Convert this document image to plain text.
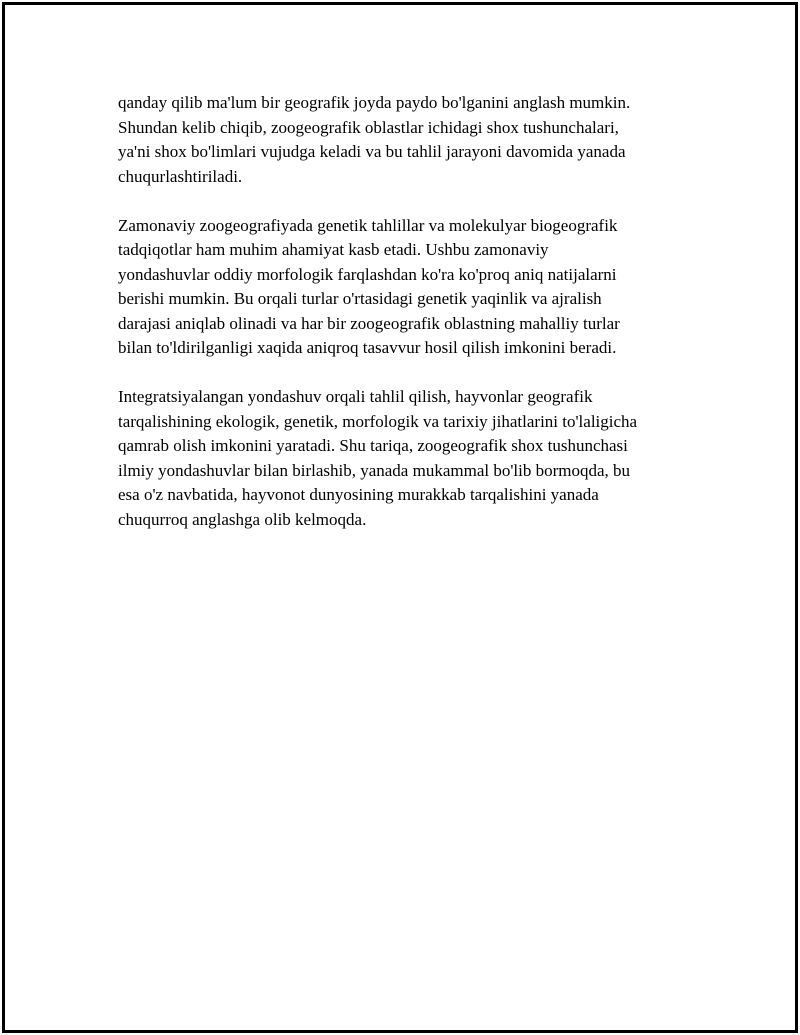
qanday qilib ma'lum bir geografik joyda paydo bo'lganini anglash mumkin.
Shundan kelib chiqib, zoogeografik oblastlar ichidagi shox tushunchalari,
ya'ni shox bo'limlari vujudga keladi va bu tahlil jarayoni davomida yanada
chuqurlashtiriladi.

Zamonaviy zoogeografiyada genetik tahlillar va molekulyar biogeografik
tadqiqotlar ham muhim ahamiyat kasb etadi. Ushbu zamonaviy
yondashuvlar oddiy morfologik farqlashdan ko'ra ko'proq aniq natijalarni
berishi mumkin. Bu orqali turlar o'rtasidagi genetik yaqinlik va ajralish
darajasi aniqlab olinadi va har bir zoogeografik oblastning mahalliy turlar
bilan to'ldirilganligi xaqida aniqroq tasavvur hosil qilish imkonini beradi.

Integratsiyalangan yondashuv orqali tahlil qilish, hayvonlar geografik
tarqalishining ekologik, genetik, morfologik va tarixiy jihatlarini to'laligicha
qamrab olish imkonini yaratadi. Shu tariqa, zoogeografik shox tushunchasi
ilmiy yondashuvlar bilan birlashib, yanada mukammal bo'lib bormoqda, bu
esa o'z navbatida, hayvonot dunyosining murakkab tarqalishini yanada
chuqurroq anglashga olib kelmoqda.
